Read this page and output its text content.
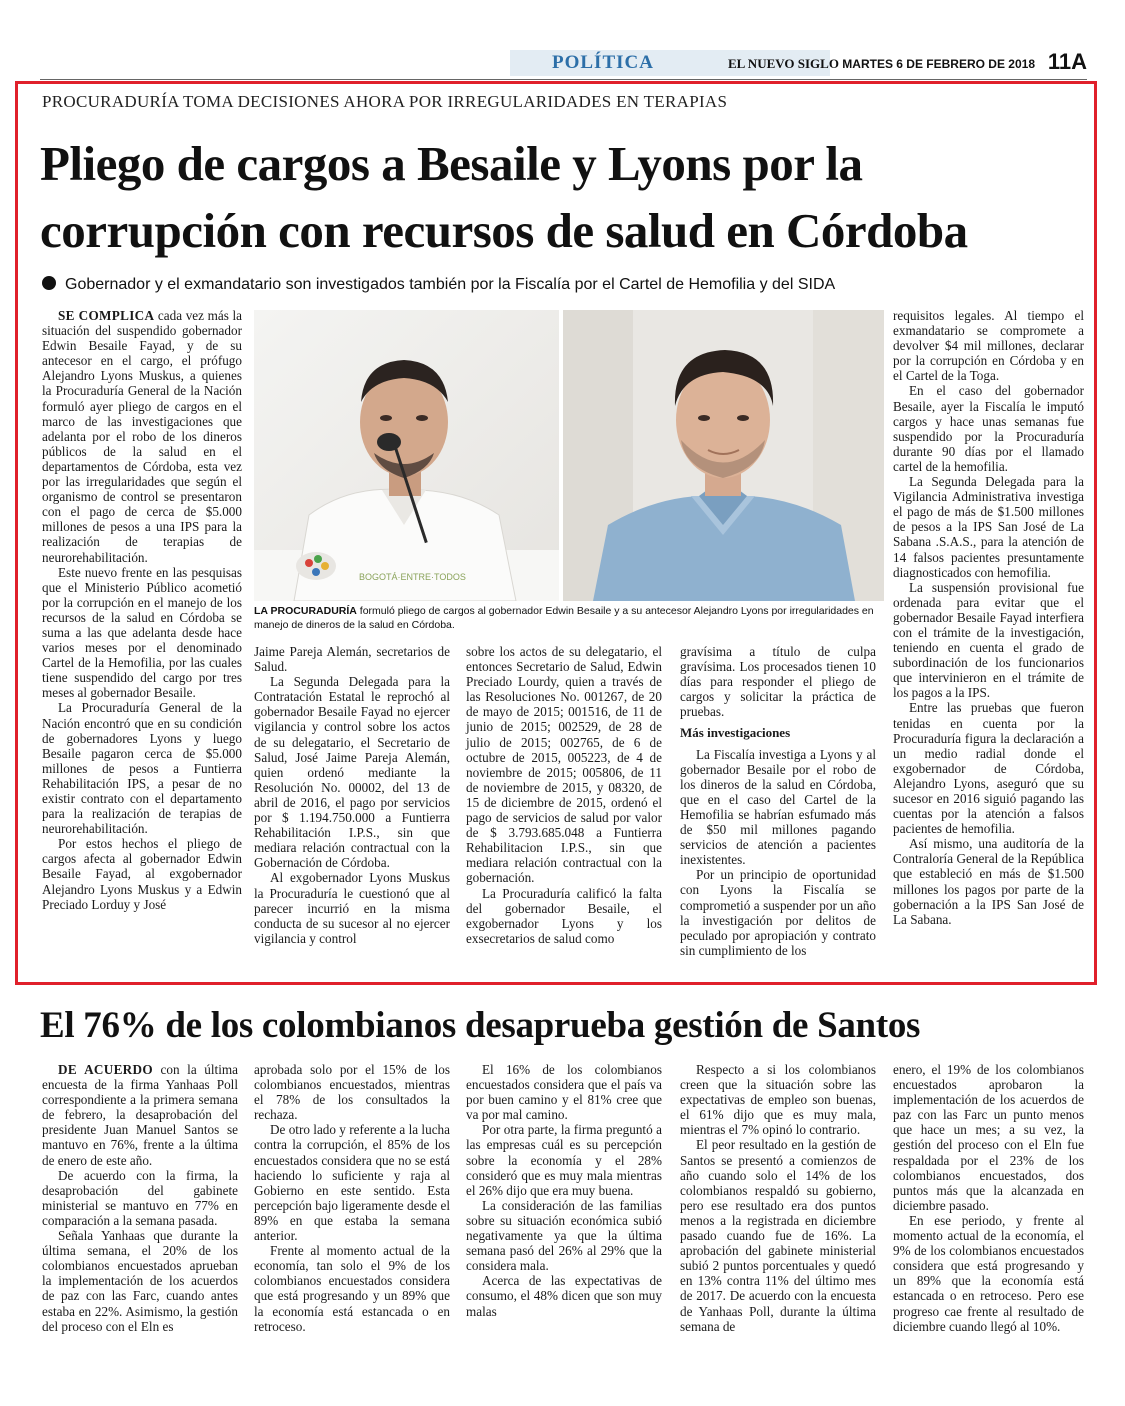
POLÍTICA	EL NUEVO SIGLO MARTES 6 DE FEBRERO DE 2018 11A
PROCURADURÍA TOMA DECISIONES AHORA POR IRREGULARIDADES EN TERAPIAS
Pliego de cargos a Besaile y Lyons por la
corrupción con recursos de salud en Córdoba
Gobernador y el exmandatario son investigados también por la Fiscalía por el Cartel de Hemofilia y del SIDA

SE COMPLICA cada vez más la situación del suspendido gobernador Edwin Besaile Fayad, y de su antecesor en el cargo, el prófugo Alejandro Lyons Muskus, a quienes la Procuraduría General de la Nación formuló ayer pliego de cargos en el marco de las investigaciones que adelanta por el robo de los dineros públicos de la salud en el departamentos de Córdoba, esta vez por las irregularidades que según el organismo de control se presentaron con el pago de cerca de $5.000 millones de pesos a una IPS para la realización de terapias de neurorehabilitación.

Este nuevo frente en las pesquisas que el Ministerio Público acometió por la corrupción en el manejo de los recursos de la salud en Córdoba se suma a las que adelanta desde hace varios meses por el denominado Cartel de la Hemofilia, por las cuales tiene suspendido del cargo por tres meses al gobernador Besaile.

La Procuraduría General de la Nación encontró que en su condición de gobernadores Lyons y luego Besaile pagaron cerca de $5.000 millones de pesos a Funtierra Rehabilitación IPS, a pesar de no existir contrato con el departamento para la realización de terapias de neurorehabilitación.

Por estos hechos el pliego de cargos afecta al gobernador Edwin Besaile Fayad, al exgobernador Alejandro Lyons Muskus y a Edwin Preciado Lorduy y José

BOGOTÁ·ENTRE·TODOS
LA PROCURADURÍA formuló pliego de cargos al gobernador Edwin Besaile y a su antecesor Alejandro Lyons por irregularidades en manejo de dineros de la salud en Córdoba.

Jaime Pareja Alemán, secretarios de Salud.

La Segunda Delegada para la Contratación Estatal le reprochó al gobernador Besaile Fayad no ejercer vigilancia y control sobre los actos de su delegatario, el Secretario de Salud, José Jaime Pareja Alemán, quien ordenó mediante la Resolución No. 00002, del 13 de abril de 2016, el pago por servicios por $ 1.194.750.000 a Funtierra Rehabilitación I.P.S., sin que mediara relación contractual con la Gobernación de Córdoba.

Al exgobernador Lyons Muskus la Procuraduría le cuestionó que al parecer incurrió en la misma conducta de su sucesor al no ejercer vigilancia y control

sobre los actos de su delegatario, el entonces Secretario de Salud, Edwin Preciado Lourdy, quien a través de las Resoluciones No. 001267, de 20 de mayo de 2015; 001516, de 11 de junio de 2015; 002529, de 28 de julio de 2015; 002765, de 6 de octubre de 2015, 005223, de 4 de noviembre de 2015; 005806, de 11 de noviembre de 2015, y 08320, de 15 de diciembre de 2015, ordenó el pago de servicios de salud por valor de $ 3.793.685.048 a Funtierra Rehabilitacion I.P.S., sin que mediara relación contractual con la gobernación.

La Procuraduría calificó la falta del gobernador Besaile, el exgobernador Lyons y los exsecretarios de salud como

gravísima a título de culpa gravísima. Los procesados tienen 10 días para responder el pliego de cargos y solicitar la práctica de pruebas.

Más investigaciones

La Fiscalía investiga a Lyons y al gobernador Besaile por el robo de los dineros de la salud en Córdoba, que en el caso del Cartel de la Hemofilia se habrían esfumado más de $50 mil millones pagando servicios de atención a pacientes inexistentes.

Por un principio de oportunidad con Lyons la Fiscalía se comprometió a suspender por un año la investigación por delitos de peculado por apropiación y contrato sin cumplimiento de los

requisitos legales. Al tiempo el exmandatario se compromete a devolver $4 mil millones, declarar por la corrupción en Córdoba y en el Cartel de la Toga.

En el caso del gobernador Besaile, ayer la Fiscalía le imputó cargos y hace unas semanas fue suspendido por la Procuraduría durante 90 días por el llamado cartel de la hemofilia.

La Segunda Delegada para la Vigilancia Administrativa investiga el pago de más de $1.500 millones de pesos a la IPS San José de La Sabana .S.A.S., para la atención de 14 falsos pacientes presuntamente diagnosticados con hemofilia.

La suspensión provisional fue ordenada para evitar que el gobernador Besaile Fayad interfiera con el trámite de la investigación, teniendo en cuenta el grado de subordinación de los funcionarios que intervinieron en el trámite de los pagos a la IPS.

Entre las pruebas que fueron tenidas en cuenta por la Procuraduría figura la declaración a un medio radial donde el exgobernador de Córdoba, Alejandro Lyons, aseguró que su sucesor en 2016 siguió pagando las cuentas por la atención a falsos pacientes de hemofilia.

Así mismo, una auditoría de la Contraloría General de la República que estableció en más de $1.500 millones los pagos por parte de la gobernación a la IPS San José de La Sabana.

El 76% de los colombianos desaprueba gestión de Santos

DE ACUERDO con la última encuesta de la firma Yanhaas Poll correspondiente a la primera semana de febrero, la desaprobación del presidente Juan Manuel Santos se mantuvo en 76%, frente a la última de enero de este año.

De acuerdo con la firma, la desaprobación del gabinete ministerial se mantuvo en 77% en comparación a la semana pasada.

Señala Yanhaas que durante la última semana, el 20% de los colombianos encuestados aprueban la implementación de los acuerdos de paz con las Farc, cuando antes estaba en 22%. Asimismo, la gestión del proceso con el Eln es

aprobada solo por el 15% de los colombianos encuestados, mientras el 78% de los consultados la rechaza.

De otro lado y referente a la lucha contra la corrupción, el 85% de los encuestados considera que no se está haciendo lo suficiente y raja al Gobierno en este sentido. Esta percepción bajo ligeramente desde el 89% en que estaba la semana anterior.

Frente al momento actual de la economía, tan solo el 9% de los colombianos encuestados considera que está progresando y un 89% que la economía está estancada o en retroceso.

El 16% de los colombianos encuestados considera que el país va por buen camino y el 81% cree que va por mal camino.

Por otra parte, la firma preguntó a las empresas cuál es su percepción sobre la economía y el 28% consideró que es muy mala mientras el 26% dijo que era muy buena.

La consideración de las familias sobre su situación económica subió negativamente ya que la última semana pasó del 26% al 29% que la considera mala.

Acerca de las expectativas de consumo, el 48% dicen que son muy malas

Respecto a si los colombianos creen que la situación sobre las expectativas de empleo son buenas, el 61% dijo que es muy mala, mientras el 7% opinó lo contrario.

El peor resultado en la gestión de Santos se presentó a comienzos de año cuando solo el 14% de los colombianos respaldó su gobierno, pero ese resultado era dos puntos menos a la registrada en diciembre pasado cuando fue de 16%. La aprobación del gabinete ministerial subió 2 puntos porcentuales y quedó en 13% contra 11% del último mes de 2017. De acuerdo con la encuesta de Yanhaas Poll, durante la última semana de

enero, el 19% de los colombianos encuestados aprobaron la implementación de los acuerdos de paz con las Farc un punto menos que hace un mes; a su vez, la gestión del proceso con el Eln fue respaldada por el 23% de los colombianos encuestados, dos puntos más que la alcanzada en diciembre pasado.

En ese periodo, y frente al momento actual de la economía, el 9% de los colombianos encuestados considera que está progresando y un 89% que la economía está estancada o en retroceso. Pero ese progreso cae frente al resultado de diciembre cuando llegó al 10%.
